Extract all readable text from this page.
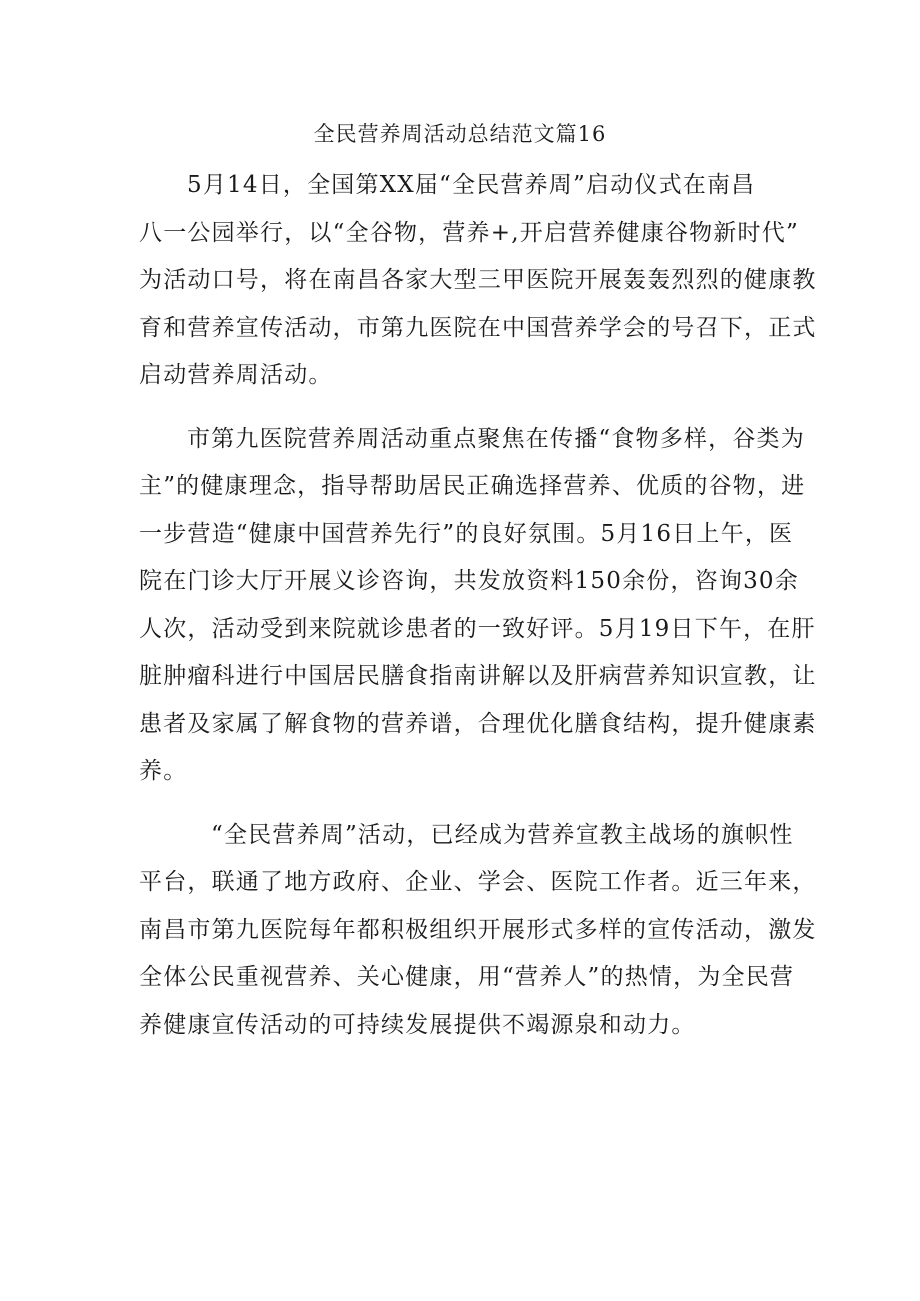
全民营养周活动总结范文篇16
5月14日，全国第XX届“全民营养周”启动仪式在南昌
八一公园举行，以“全谷物，营养+,开启营养健康谷物新时代”
为活动口号，将在南昌各家大型三甲医院开展轰轰烈烈的健康教
育和营养宣传活动，市第九医院在中国营养学会的号召下，正式
启动营养周活动。
市第九医院营养周活动重点聚焦在传播“食物多样，谷类为
主”的健康理念，指导帮助居民正确选择营养、优质的谷物，进
一步营造“健康中国营养先行”的良好氛围。5月16日上午，医
院在门诊大厅开展义诊咨询，共发放资料150余份，咨询30余
人次，活动受到来院就诊患者的一致好评。5月19日下午，在肝
脏肿瘤科进行中国居民膳食指南讲解以及肝病营养知识宣教，让
患者及家属了解食物的营养谱，合理优化膳食结构，提升健康素
养。
“全民营养周”活动，已经成为营养宣教主战场的旗帜性
平台，联通了地方政府、企业、学会、医院工作者。近三年来，
南昌市第九医院每年都积极组织开展形式多样的宣传活动，激发
全体公民重视营养、关心健康，用“营养人”的热情，为全民营
养健康宣传活动的可持续发展提供不竭源泉和动力。
